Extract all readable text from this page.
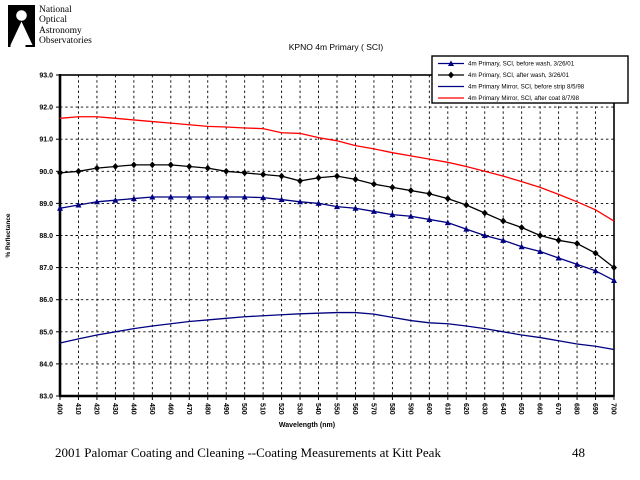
National
Optical
Astronomy
Observatories
83.0
84.0
85.0
86.0
87.0
88.0
89.0
90.0
91.0
92.0
93.0
400 410 420 430 440 450 460 470 480 490 500 510 520 530 540 550 560 570 580 590 600 610 620 630 640 650 660 670 680 690 700
KPNO 4m Primary ( SCI)
Wavelength (nm)
% Reflectance
4m Primary, SCI, before wash, 3/26/01
4m Primary, SCI, after wash, 3/26/01
4m Primary Mirror, SCI, before strip 8/5/98
4m Primary Mirror, SCI, after coat 8/7/98
2001 Palomar Coating and Cleaning --Coating Measurements at Kitt Peak	48
